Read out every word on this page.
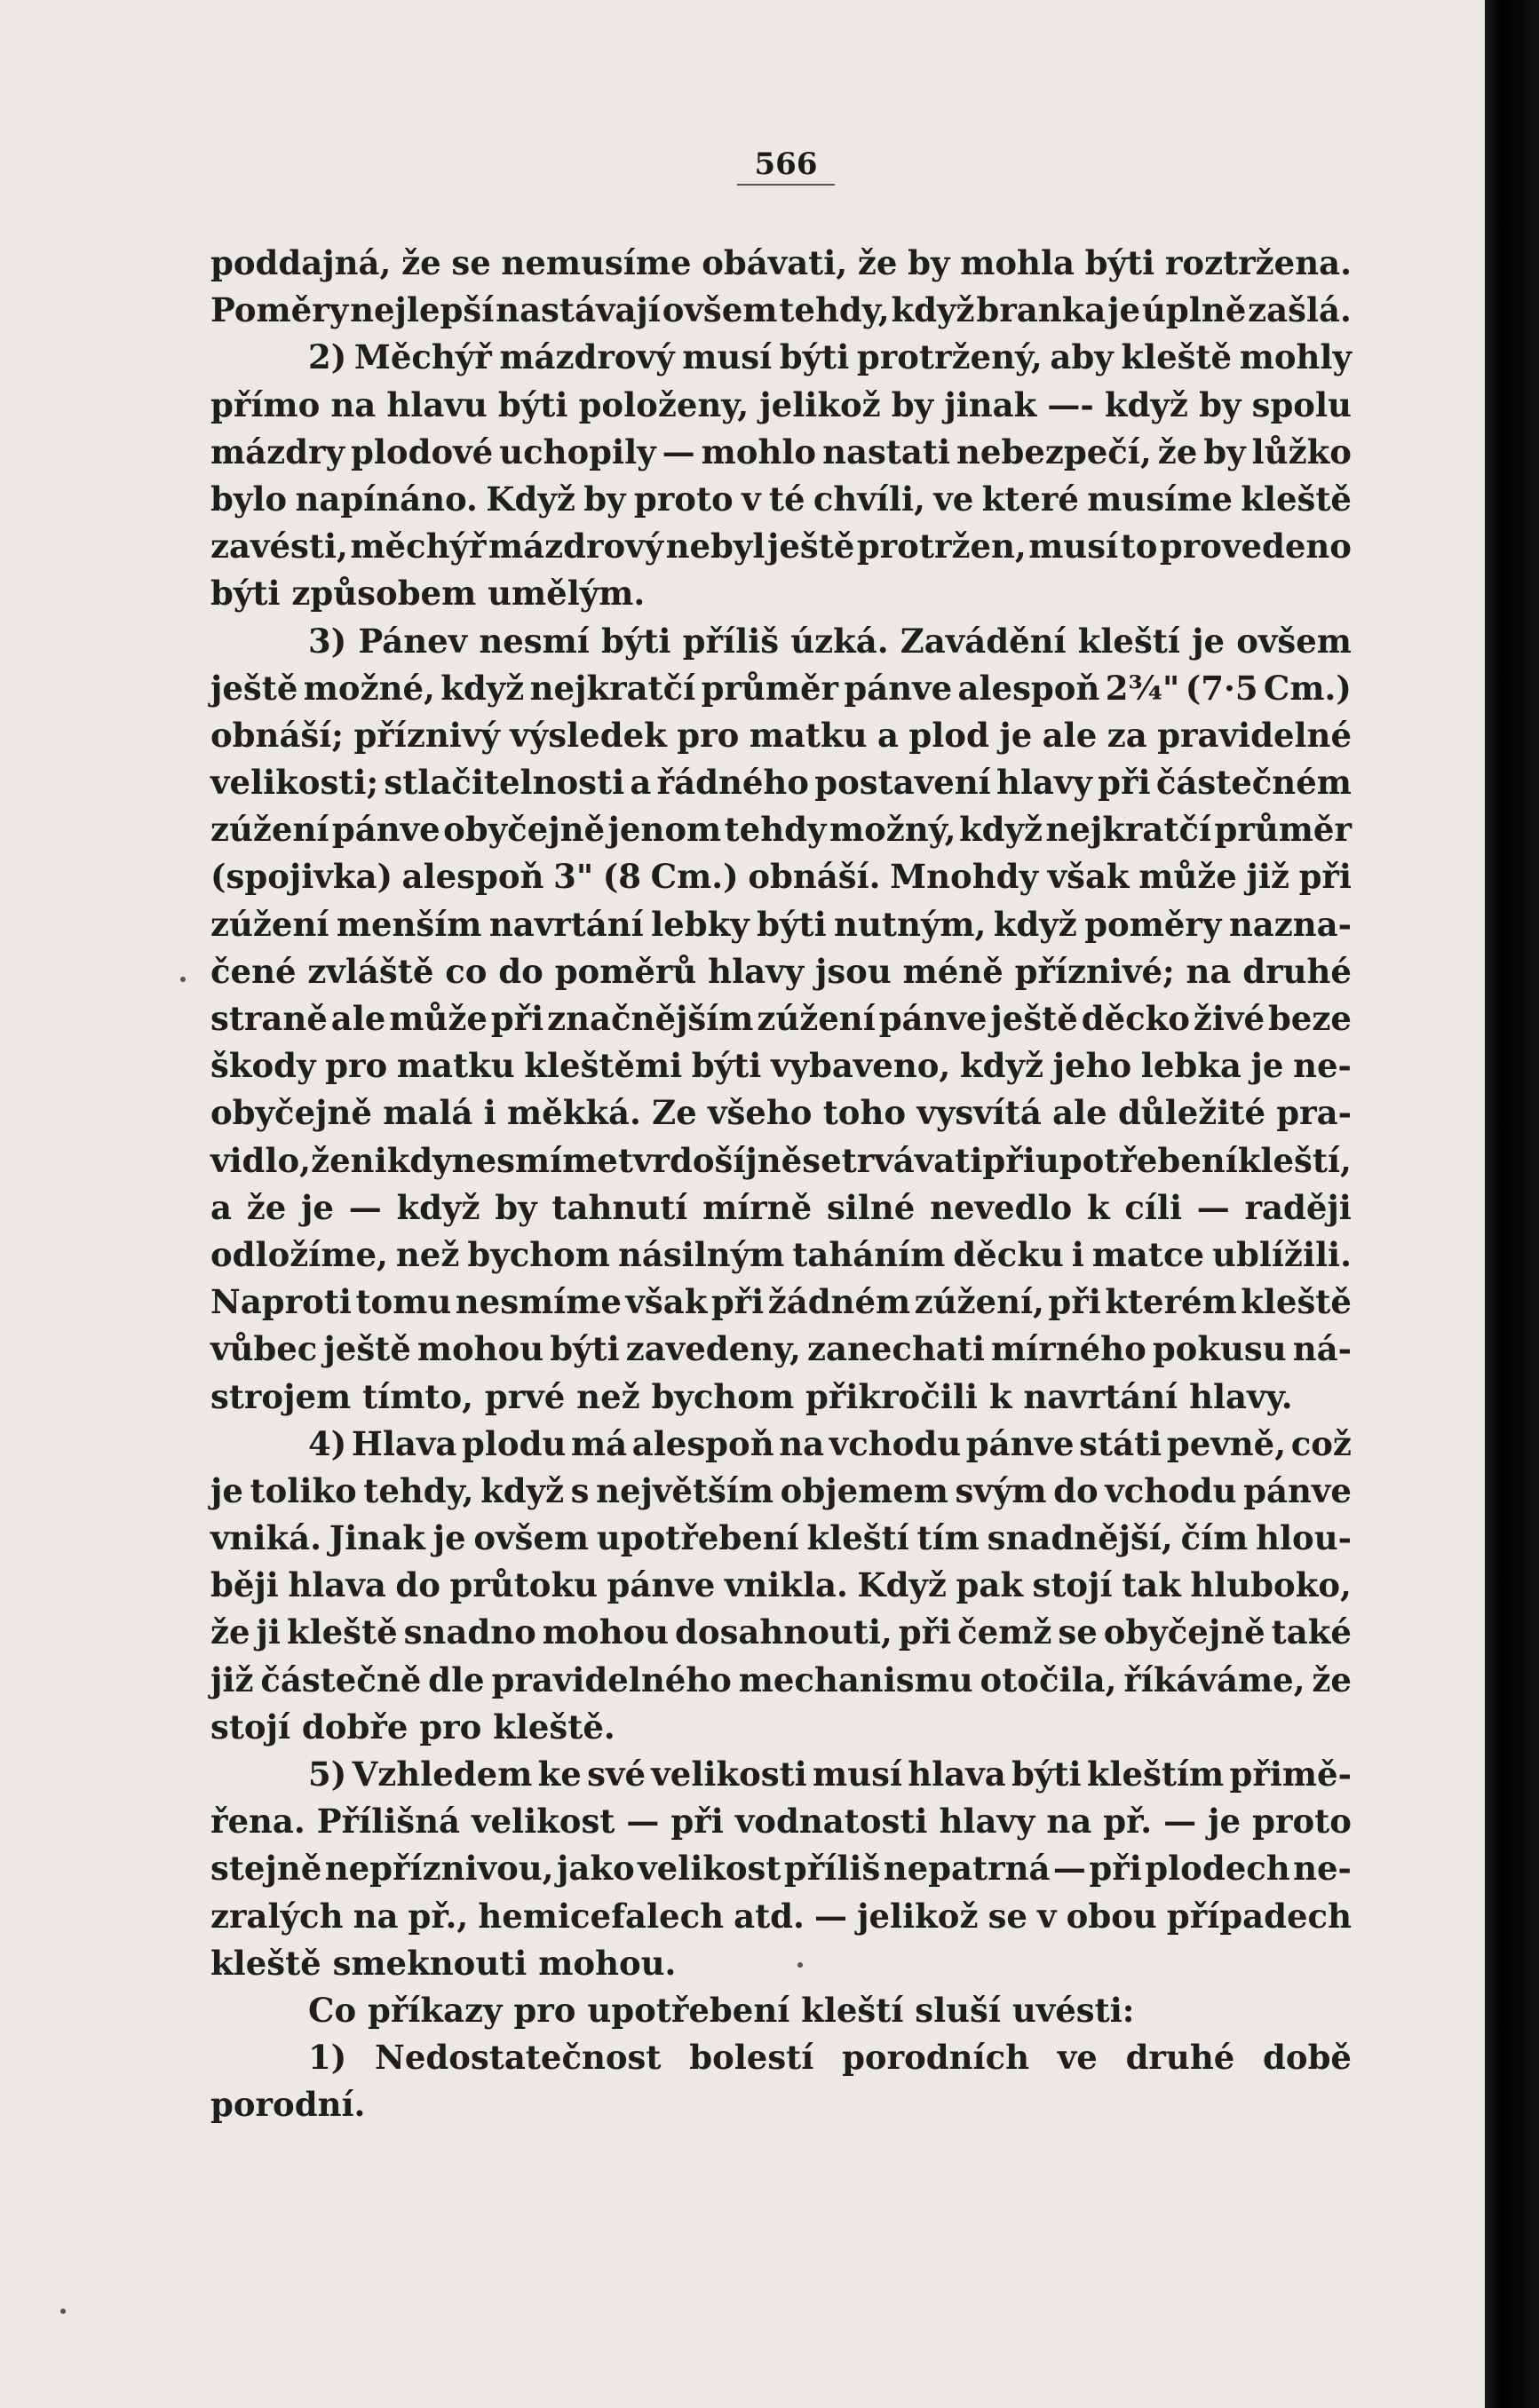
566
poddajná, že se nemusíme obávati, že by mohla býti roztržena.
Poměry nejlepší nastávají ovšem tehdy, když branka je úplně zašlá.
2) Měchýř mázdrový musí býti protržený, aby kleště mohly
přímo na hlavu býti položeny, jelikož by jinak —- když by spolu
mázdry plodové uchopily — mohlo nastati nebezpečí, že by lůžko
bylo napínáno. Když by proto v té chvíli, ve které musíme kleště
zavésti, měchýř mázdrový nebyl ještě protržen, musí to provedeno
býti způsobem umělým.
3) Pánev nesmí býti příliš úzká. Zavádění kleští je ovšem
ještě možné, když nejkratčí průměr pánve alespoň 2¾" (7·5 Cm.)
obnáší; příznivý výsledek pro matku a plod je ale za pravidelné
velikosti; stlačitelnosti a řádného postavení hlavy při částečném
zúžení pánve obyčejně jenom tehdy možný, když nejkratčí průměr
(spojivka) alespoň 3" (8 Cm.) obnáší. Mnohdy však může již při
zúžení menším navrtání lebky býti nutným, když poměry nazna-
čené zvláště co do poměrů hlavy jsou méně příznivé; na druhé
straně ale může při značnějším zúžení pánve ještě děcko živé beze
škody pro matku kleštěmi býti vybaveno, když jeho lebka je ne-
obyčejně malá i měkká. Ze všeho toho vysvítá ale důležité pra-
vidlo, že nikdy nesmíme tvrdošíjně setrvávati při upotřebení kleští,
a že je — když by tahnutí mírně silné nevedlo k cíli — raději
odložíme, než bychom násilným taháním děcku i matce ublížili.
Naproti tomu nesmíme však při žádném zúžení, při kterém kleště
vůbec ještě mohou býti zavedeny, zanechati mírného pokusu ná-
strojem tímto, prvé než bychom přikročili k navrtání hlavy.
4) Hlava plodu má alespoň na vchodu pánve státi pevně, což
je toliko tehdy, když s největším objemem svým do vchodu pánve
vniká. Jinak je ovšem upotřebení kleští tím snadnější, čím hlou-
běji hlava do průtoku pánve vnikla. Když pak stojí tak hluboko,
že ji kleště snadno mohou dosahnouti, při čemž se obyčejně také
již částečně dle pravidelného mechanismu otočila, říkáváme, že
stojí dobře pro kleště.
5) Vzhledem ke své velikosti musí hlava býti kleštím přimě-
řena. Přílišná velikost — při vodnatosti hlavy na př. — je proto
stejně nepříznivou, jako velikost příliš nepatrná — při plodech ne-
zralých na př., hemicefalech atd. — jelikož se v obou případech
kleště smeknouti mohou.
Co příkazy pro upotřebení kleští sluší uvésti:
1) Nedostatečnost bolestí porodních ve druhé době
porodní.
